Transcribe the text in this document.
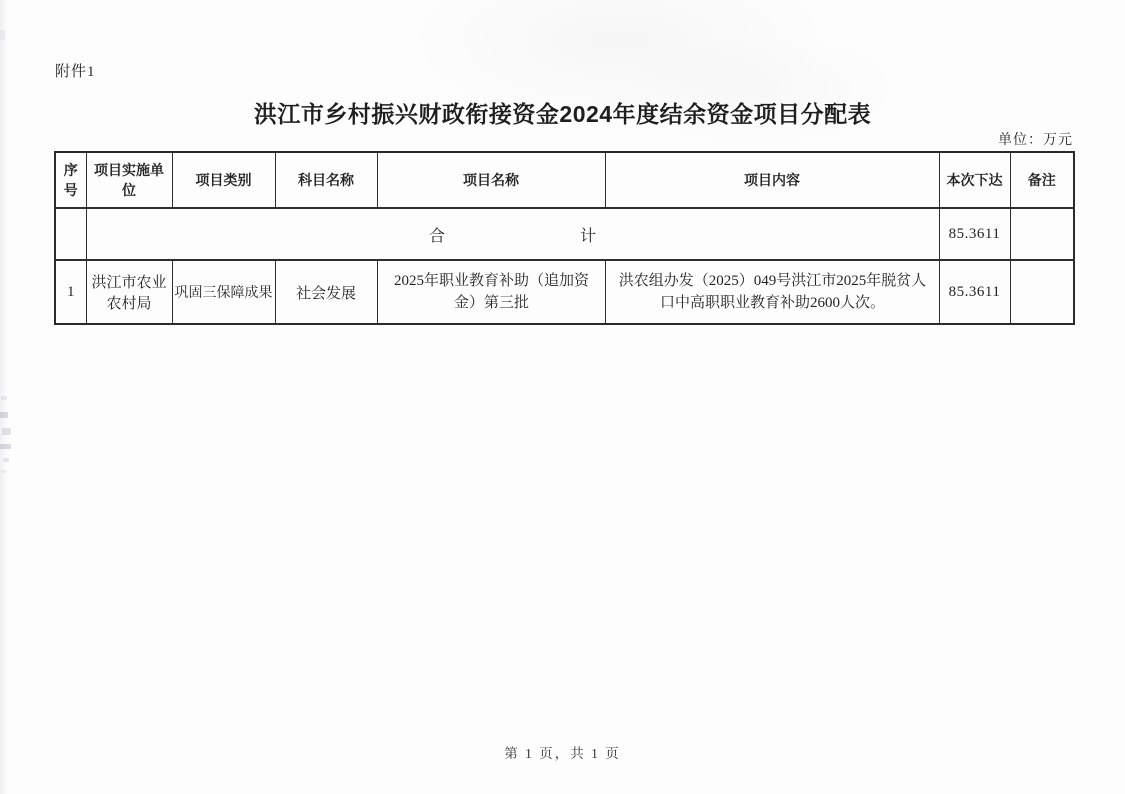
附件1
洪江市乡村振兴财政衔接资金2024年度结余资金项目分配表
单位：万元
序号	项目实施单位	项目类别	科目名称	项目名称	项目内容	本次下达	备注

	合 计					85.3611	
1	洪江市农业农村局	巩固三保障成果	社会发展	2025年职业教育补助（追加资金）第三批	洪农组办发（2025）049号洪江市2025年脱贫人口中高职职业教育补助2600人次。	85.3611	
第 1 页，共 1 页
